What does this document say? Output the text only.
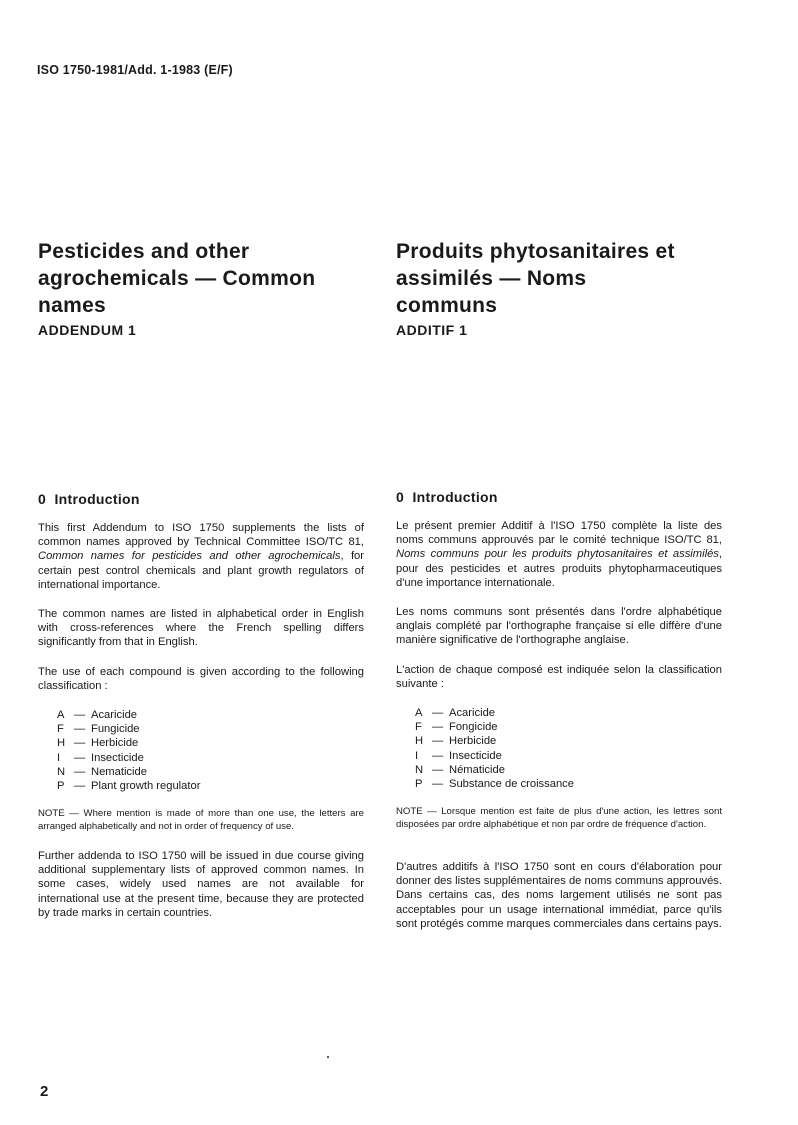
ISO 1750-1981/Add. 1-1983 (E/F)
Pesticides and other
agrochemicals — Common
names
ADDENDUM 1
0  Introduction

This first Addendum to ISO 1750 supplements the lists of common names approved by Technical Committee ISO/TC 81, Common names for pesticides and other agrochemicals, for certain pest control chemicals and plant growth regulators of international importance.

The common names are listed in alphabetical order in English with cross-references where the French spelling differs significantly from that in English.

The use of each compound is given according to the following classification :

A — Acaricide
F — Fungicide
H — Herbicide
I	— Insecticide
N — Nematicide
P — Plant growth regulator

NOTE — Where mention is made of more than one use, the letters are arranged alphabetically and not in order of frequency of use.

Further addenda to ISO 1750 will be issued in due course giving additional supplementary lists of approved common names. In some cases, widely used names are not available for international use at the present time, because they are protected by trade marks in certain countries.

Produits phytosanitaires et
assimilés — Noms
communs
ADDITIF 1
0  Introduction

Le présent premier Additif à l'ISO 1750 complète la liste des noms communs approuvés par le comité technique ISO/TC 81, Noms communs pour les produits phytosanitaires et assimilés, pour des pesticides et autres produits phytopharmaceutiques d'une importance internationale.

Les noms communs sont présentés dans l'ordre alphabétique anglais complété par l'orthographe française si elle diffère d'une manière significative de l'orthographe anglaise.

L'action de chaque composé est indiquée selon la classification suivante :

A — Acaricide
F — Fongicide
H — Herbicide
I	— Insecticide
N — Nématicide
P — Substance de croissance

NOTE — Lorsque mention est faite de plus d'une action, les lettres sont disposées par ordre alphabétique et non par ordre de fréquence d'action.

D'autres additifs à l'ISO 1750 sont en cours d'élaboration pour donner des listes supplémentaires de noms communs approuvés. Dans certains cas, des noms largement utilisés ne sont pas acceptables pour un usage international immédiat, parce qu'ils sont protégés comme marques commerciales dans certains pays.

2
